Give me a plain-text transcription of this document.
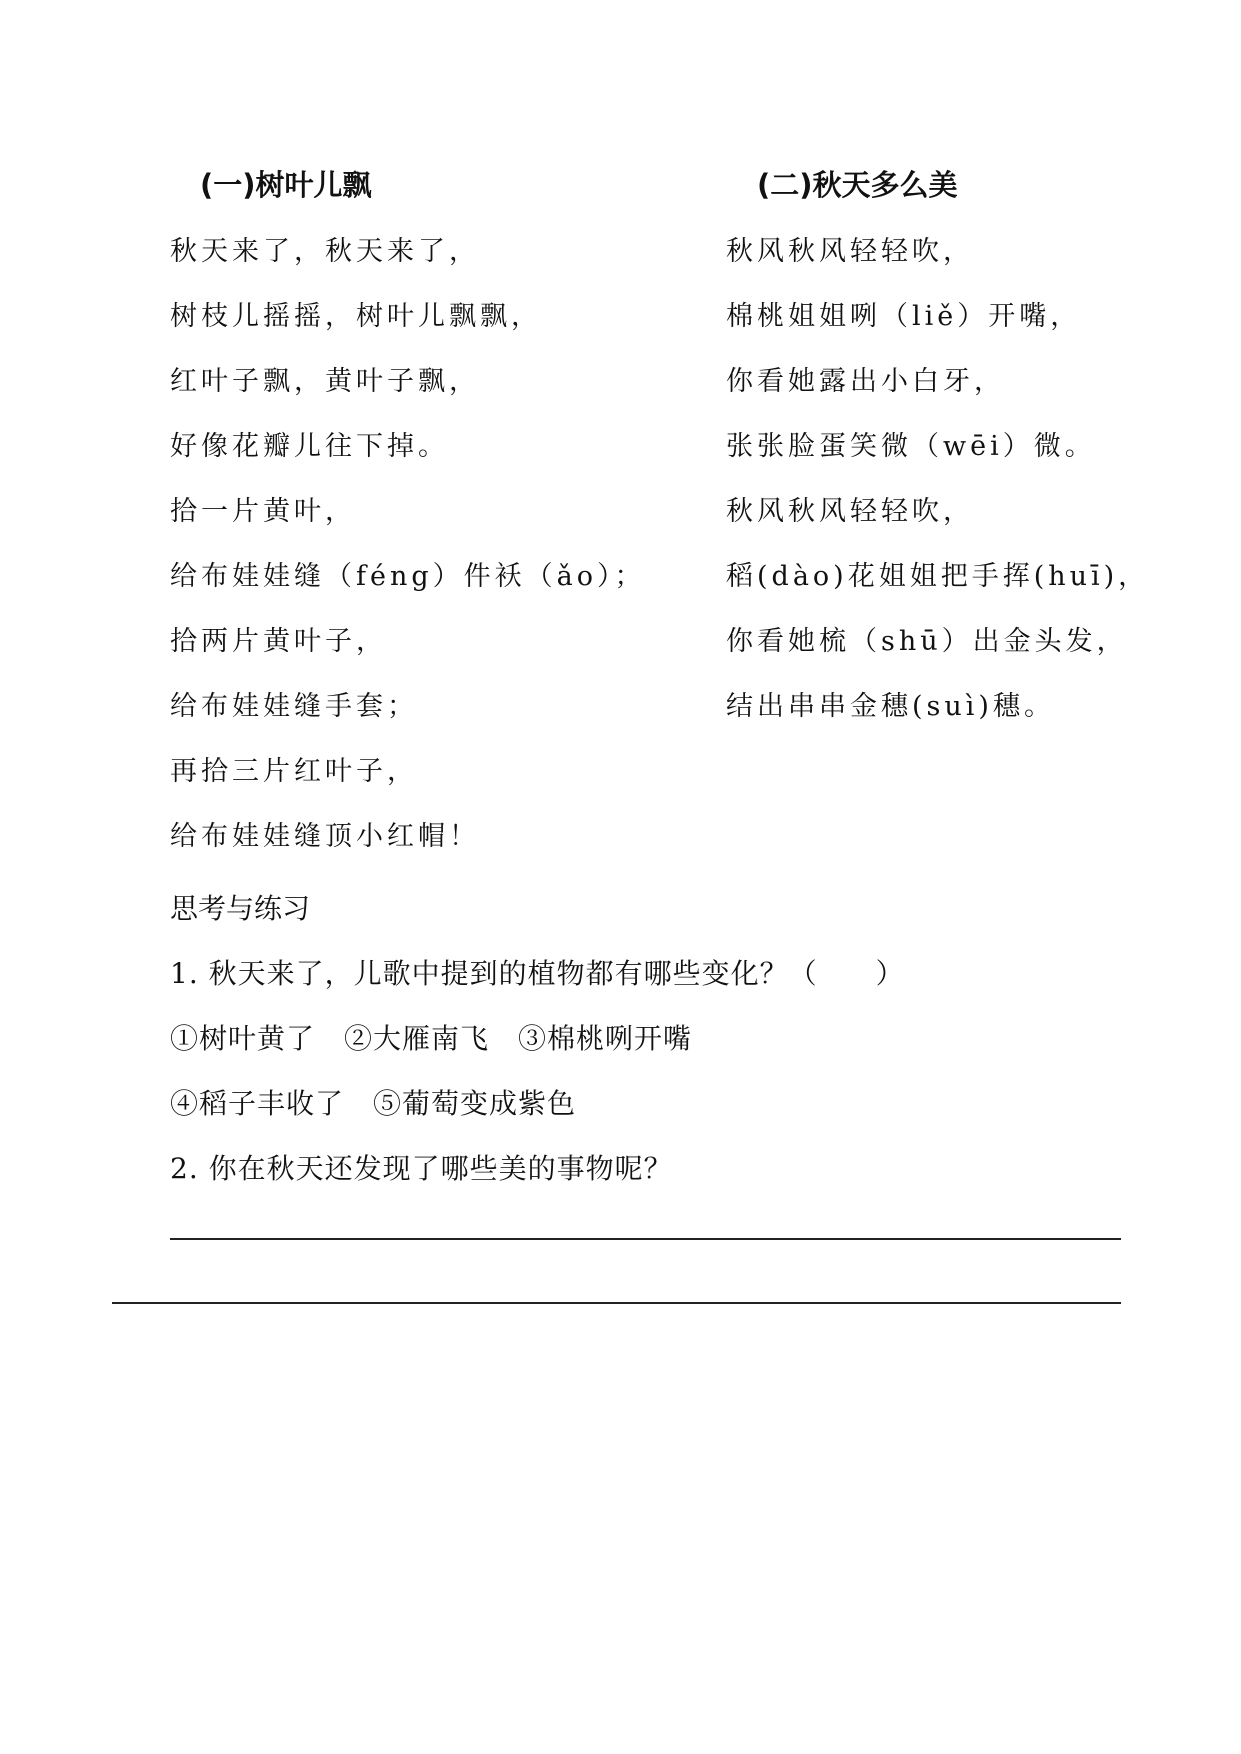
(一)树叶儿飘
秋天来了，秋天来了，
树枝儿摇摇，树叶儿飘飘，
红叶子飘，黄叶子飘，
好像花瓣儿往下掉。
拾一片黄叶，
给布娃娃缝（féng）件袄（ǎo）；
拾两片黄叶子，
给布娃娃缝手套；
再拾三片红叶子，
给布娃娃缝顶小红帽！
(二)秋天多么美
秋风秋风轻轻吹，
棉桃姐姐咧（liě）开嘴，
你看她露出小白牙，
张张脸蛋笑微（wēi）微。
秋风秋风轻轻吹，
稻(dào)花姐姐把手挥(huī)，
你看她梳（shū）出金头发，
结出串串金穗(suì)穗。
思考与练习
1. 秋天来了，儿歌中提到的植物都有哪些变化？（　　）
①树叶黄了　②大雁南飞　③棉桃咧开嘴
④稻子丰收了　⑤葡萄变成紫色
2. 你在秋天还发现了哪些美的事物呢？
